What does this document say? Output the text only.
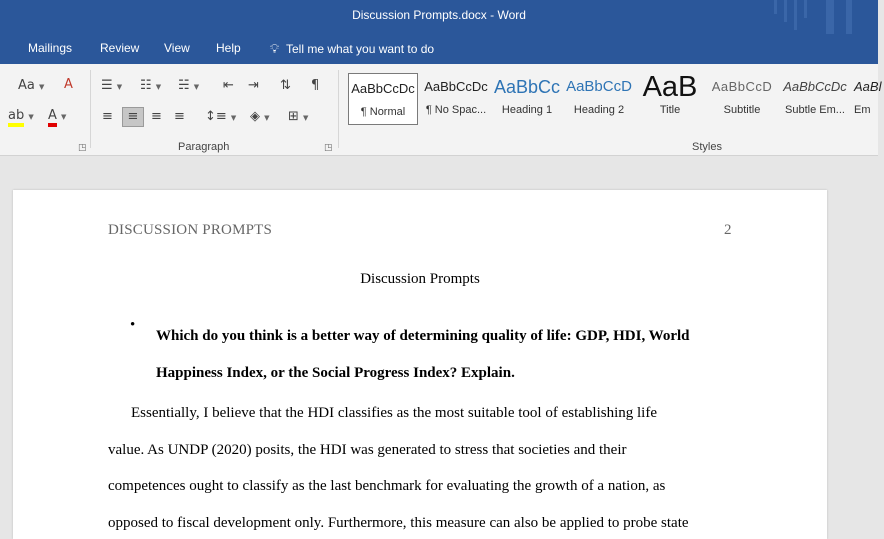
Discussion Prompts.docx - Word
Mailings Review View Help 💡︎ Tell me what you want to do
Aa ▼ A
ab ▼ A ▼
◳
☰ ▼ ☷ ▼ ☵ ▼ ⇤ ⇥ ⇅ ¶
≡	≡ ≡ ≡ ↕≡ ▼ ◈ ▼ ⊞ ▼
Paragraph	◳
AaBbCcDc
¶ Normal
AaBbCcDc
¶ No Spac...
AaBbCc
Heading 1
AaBbCcD
Heading 2
AaB
Title
AaBbCcD
Subtitle
AaBbCcDc
Subtle Em...
AaBl
Em
Styles
DISCUSSION PROMPTS	2
Discussion Prompts
•
Which do you think is a better way of determining quality of life: GDP, HDI, World Happiness Index, or the Social Progress Index? Explain.
Essentially, I believe that the HDI classifies as the most suitable tool of establishing life
value. As UNDP (2020) posits, the HDI was generated to stress that societies and their
competences ought to classify as the last benchmark for evaluating the growth of a nation, as
opposed to fiscal development only. Furthermore, this measure can also be applied to probe state
